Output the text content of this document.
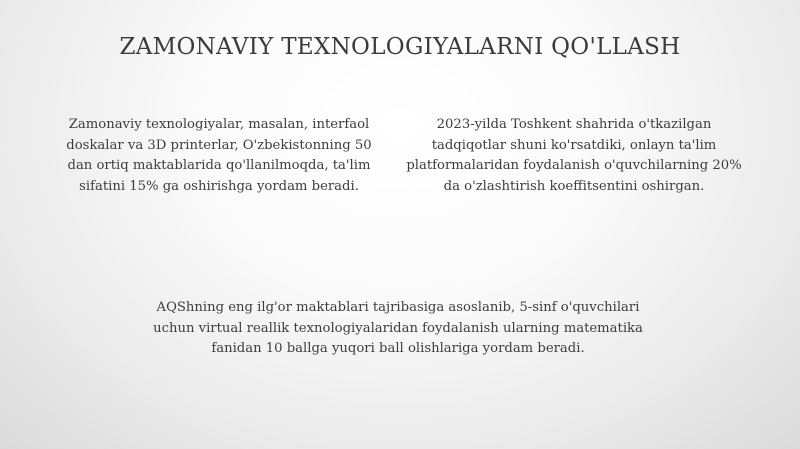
ZAMONAVIY TEXNOLOGIYALARNI QO'LLASH

Zamonaviy texnologiyalar, masalan, interfaol doskalar va 3D printerlar, O'zbekistonning 50 dan ortiq maktablarida qo'llanilmoqda, ta'lim sifatini 15% ga oshirishga yordam beradi.

2023-yilda Toshkent shahrida o'tkazilgan tadqiqotlar shuni ko'rsatdiki, onlayn ta'lim platformalaridan foydalanish o'quvchilarning 20% da o'zlashtirish koeffitsentini oshirgan.

AQShning eng ilg'or maktablari tajribasiga asoslanib, 5-sinf o'quvchilari uchun virtual reallik texnologiyalaridan foydalanish ularning matematika fanidan 10 ballga yuqori ball olishlariga yordam beradi.
